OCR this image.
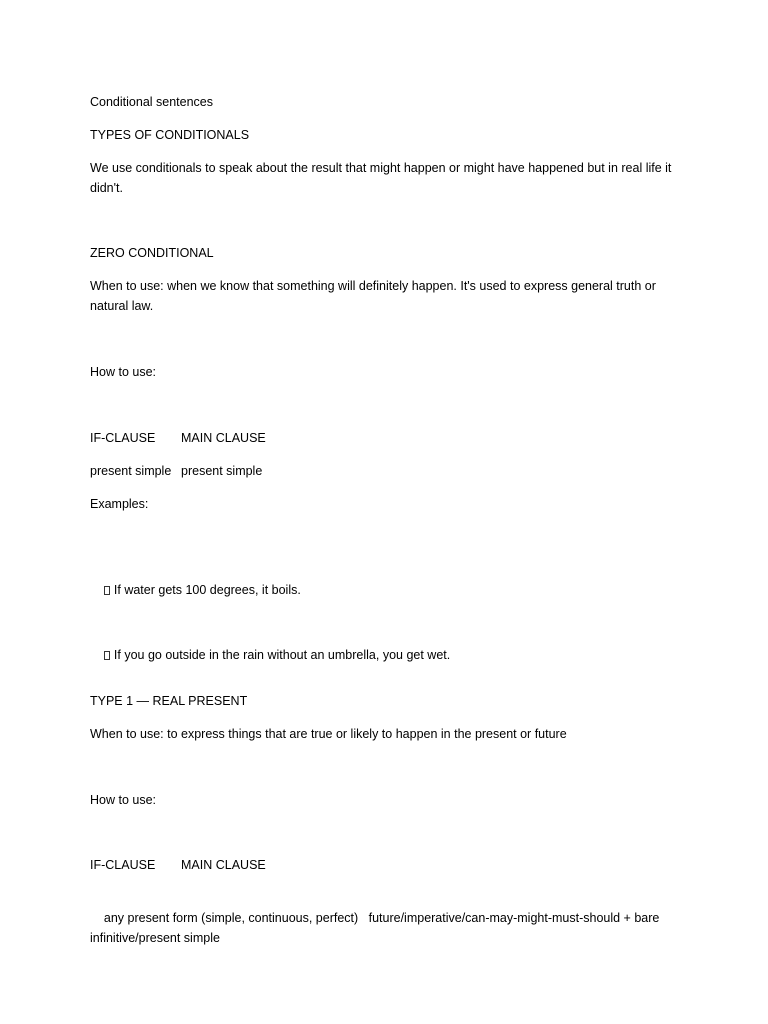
Conditional sentences
TYPES OF CONDITIONALS
We use conditionals to speak about the result that might happen or might have happened but in real life it didn't.
ZERO CONDITIONAL
When to use: when we know that something will definitely happen. It's used to express general truth or natural law.
How to use:
IF-CLAUSE	MAIN CLAUSE
present simple present simple
Examples:

If water gets 100 degrees, it boils.

If you go outside in the rain without an umbrella, you get wet.

TYPE 1 — REAL PRESENT
When to use: to express things that are true or likely to happen in the present or future
How to use:
IF-CLAUSE	MAIN CLAUSE

any present form (simple, continuous, perfect) future/imperative/can-may-might-must-should + bare infinitive/present simple
